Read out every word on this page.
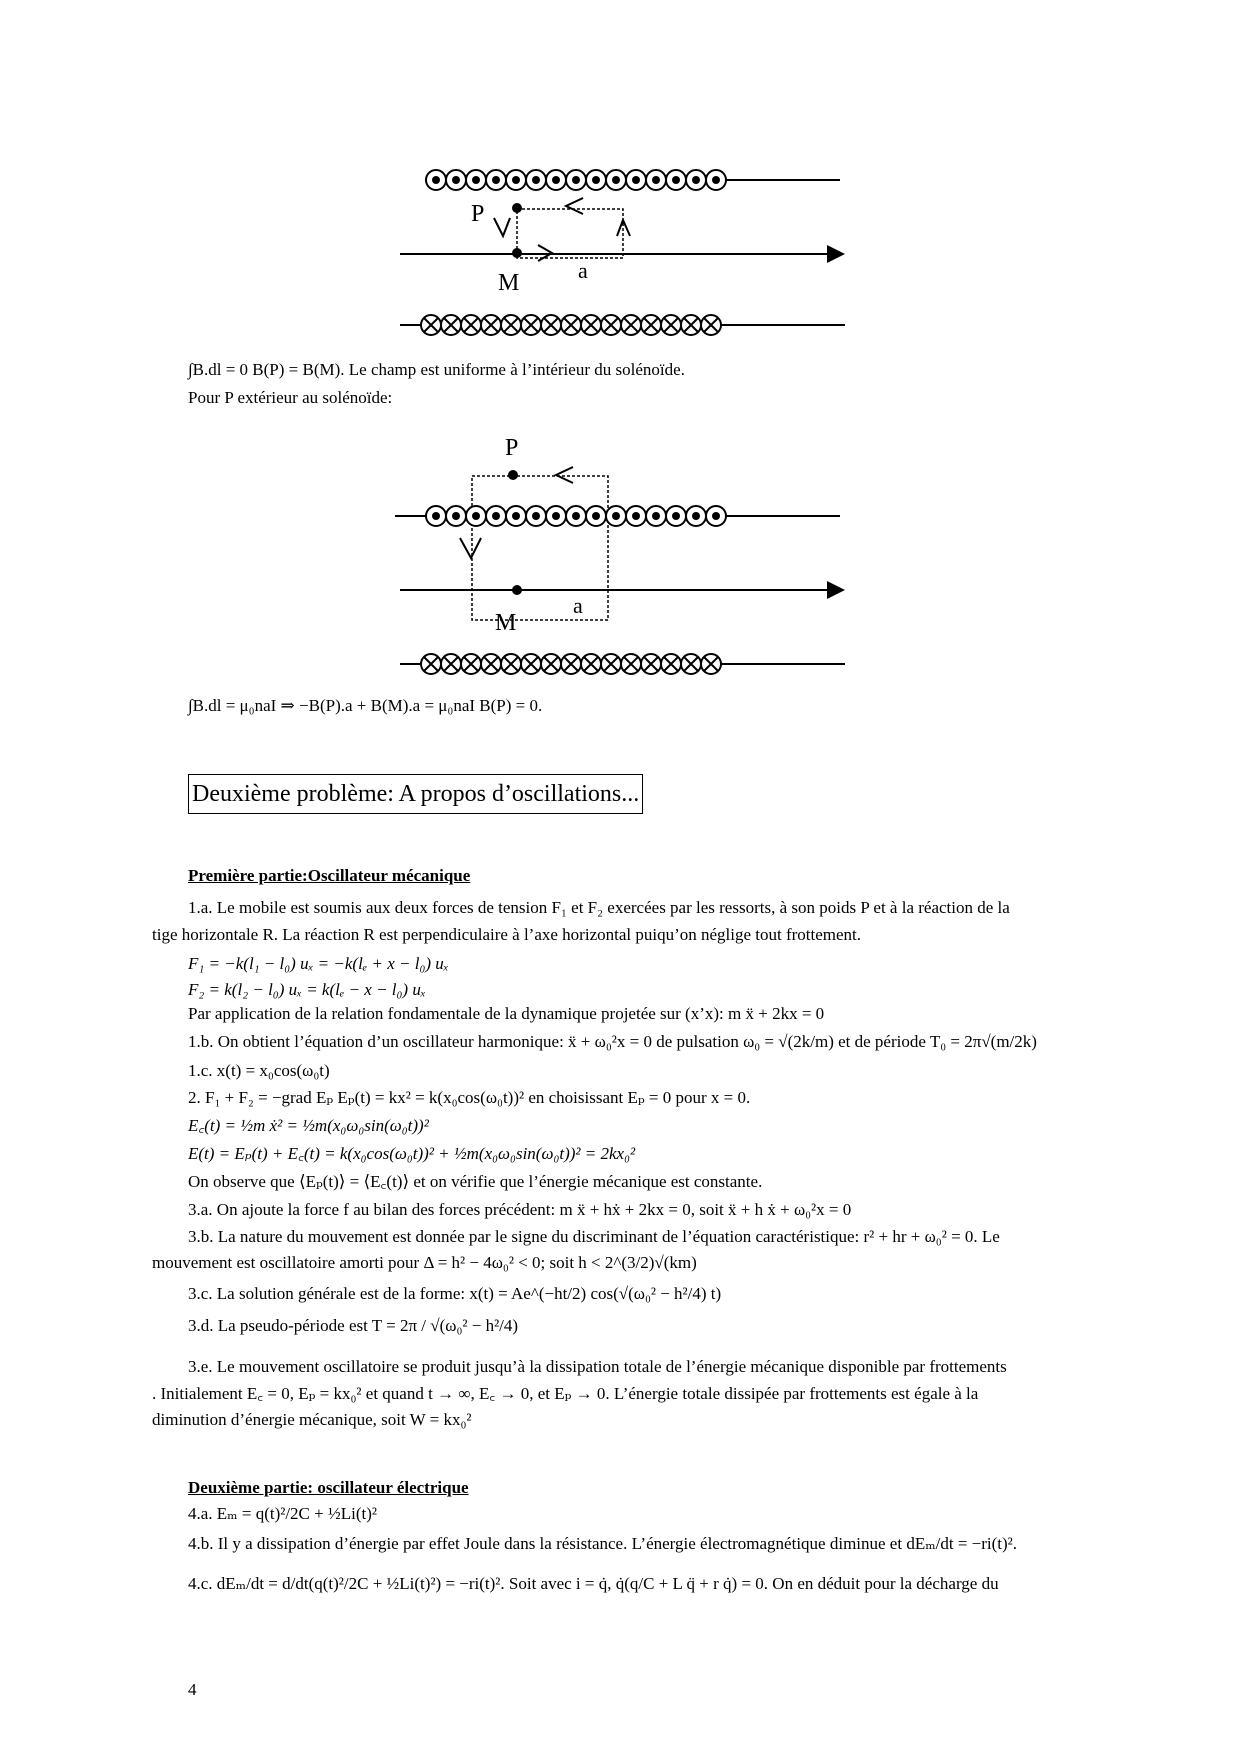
P
M	a
∫B.dl = 0 B(P) = B(M). Le champ est uniforme à l’intérieur du solénoïde.
Pour P extérieur au solénoïde:
P
a
M
∫B.dl = μ₀naI ⇒ −B(P).a + B(M).a = μ₀naI B(P) = 0.
Deuxième problème: A propos d’oscillations...
Première partie:Oscillateur mécanique
1.a. Le mobile est soumis aux deux forces de tension F₁ et F₂ exercées par les ressorts, à son poids P et à la réaction de la
tige horizontale R. La réaction R est perpendiculaire à l’axe horizontal puiqu’on néglige tout frottement.
F₁ = −k(l₁ − l₀) uₓ = −k(lₑ + x − l₀) uₓ
F₂ = k(l₂ − l₀) uₓ = k(lₑ − x − l₀) uₓ
Par application de la relation fondamentale de la dynamique projetée sur (x’x): m ẍ + 2kx = 0
1.b. On obtient l’équation d’un oscillateur harmonique: ẍ + ω₀²x = 0 de pulsation ω₀ = √(2k/m) et de période T₀ = 2π√(m/2k)
1.c. x(t) = x₀cos(ω₀t)
2. F₁ + F₂ = −grad Eₚ Eₚ(t) = kx² = k(x₀cos(ω₀t))² en choisissant Eₚ = 0 pour x = 0.
E꜀(t) = ½m ẋ² = ½m(x₀ω₀sin(ω₀t))²
E(t) = Eₚ(t) + E꜀(t) = k(x₀cos(ω₀t))² + ½m(x₀ω₀sin(ω₀t))² = 2kx₀²
On observe que ⟨Eₚ(t)⟩ = ⟨E꜀(t)⟩ et on vérifie que l’énergie mécanique est constante.
3.a. On ajoute la force f au bilan des forces précédent: m ẍ + hẋ + 2kx = 0, soit ẍ + h ẋ + ω₀²x = 0
3.b. La nature du mouvement est donnée par le signe du discriminant de l’équation caractéristique: r² + hr + ω₀² = 0. Le
mouvement est oscillatoire amorti pour Δ = h² − 4ω₀² < 0; soit h < 2^(3/2)√(km)
3.c. La solution générale est de la forme: x(t) = Ae^(−ht/2) cos(√(ω₀² − h²/4) t)
3.d. La pseudo-période est T = 2π / √(ω₀² − h²/4)
3.e. Le mouvement oscillatoire se produit jusqu’à la dissipation totale de l’énergie mécanique disponible par frottements
. Initialement E꜀ = 0, Eₚ = kx₀² et quand t → ∞, E꜀ → 0, et Eₚ → 0. L’énergie totale dissipée par frottements est égale à la
diminution d’énergie mécanique, soit W = kx₀²
Deuxième partie: oscillateur électrique
4.a. Eₘ = q(t)²/2C + ½Li(t)²
4.b. Il y a dissipation d’énergie par effet Joule dans la résistance. L’énergie électromagnétique diminue et dEₘ/dt = −ri(t)².
4.c. dEₘ/dt = d/dt(q(t)²/2C + ½Li(t)²) = −ri(t)². Soit avec i = q̇, q̇(q/C + L q̈ + r q̇) = 0. On en déduit pour la décharge du
4
